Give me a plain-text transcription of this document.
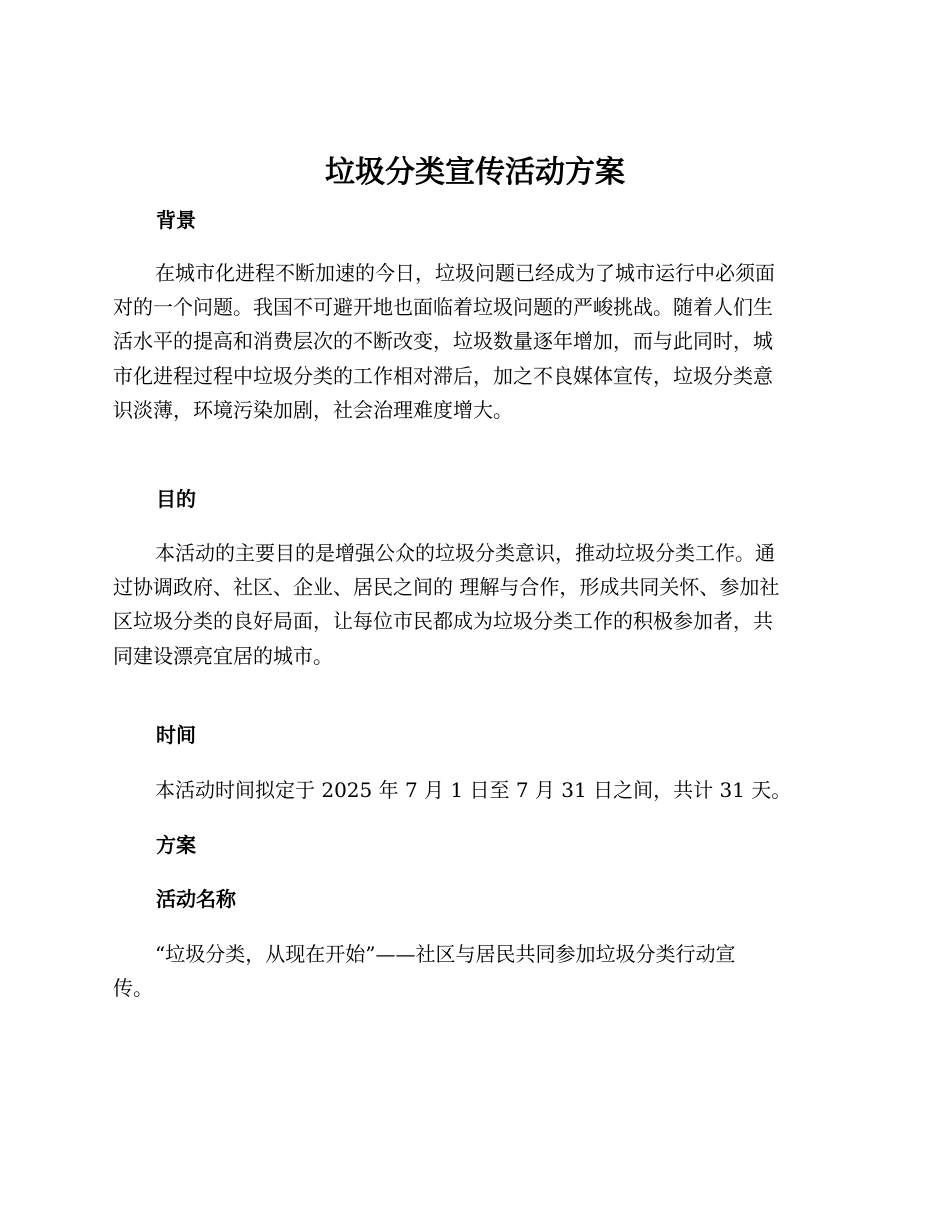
垃圾分类宣传活动方案
背景
在城市化进程不断加速的今日，垃圾问题已经成为了城市运行中必须面
对的一个问题。我国不可避开地也面临着垃圾问题的严峻挑战。随着人们生
活水平的提高和消费层次的不断改变，垃圾数量逐年增加，而与此同时，城
市化进程过程中垃圾分类的工作相对滞后，加之不良媒体宣传，垃圾分类意
识淡薄，环境污染加剧，社会治理难度增大。
目的
本活动的主要目的是增强公众的垃圾分类意识，推动垃圾分类工作。通
过协调政府、社区、企业、居民之间的 理解与合作，形成共同关怀、参加社
区垃圾分类的良好局面，让每位市民都成为垃圾分类工作的积极参加者，共
同建设漂亮宜居的城市。
时间
本活动时间拟定于 2025 年 7 月 1 日至 7 月 31 日之间，共计 31 天。
方案
活动名称
“垃圾分类，从现在开始”——社区与居民共同参加垃圾分类行动宣
传。
